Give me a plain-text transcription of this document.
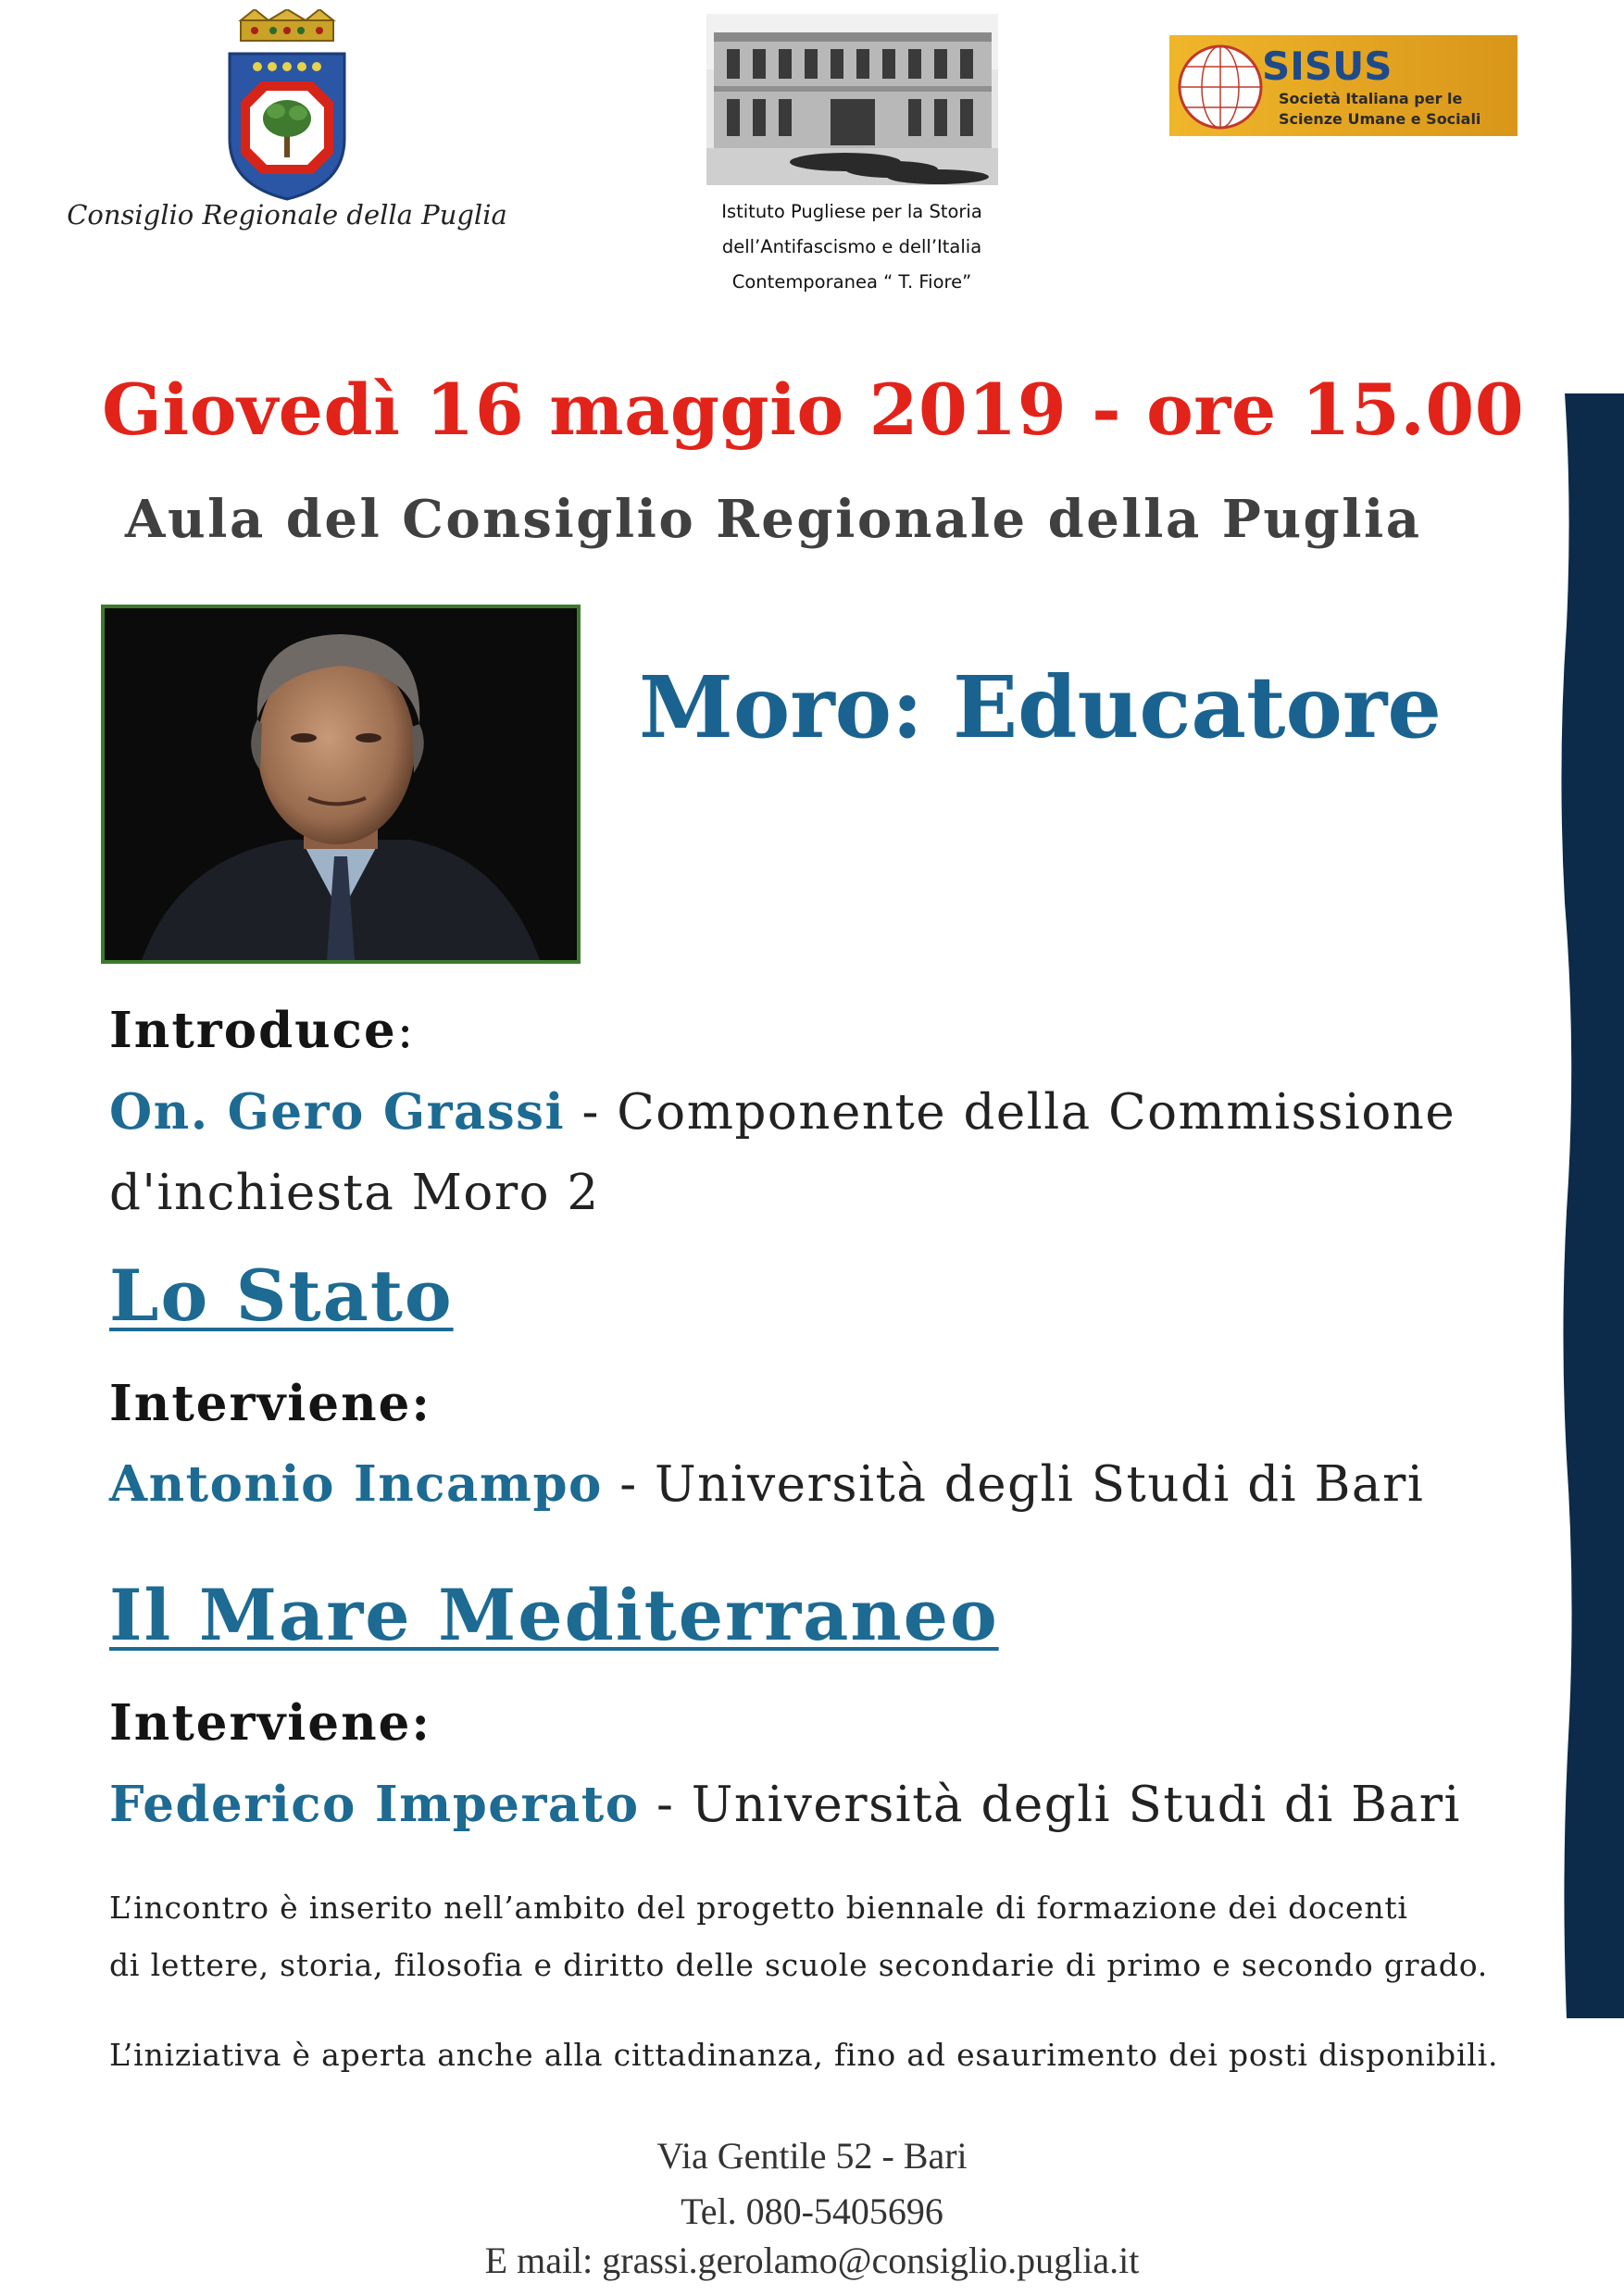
Consiglio Regionale della Puglia	Istituto Pugliese per la Storia
dell’Antifascismo e dell’Italia
Contemporanea “ T. Fiore”
SISUS
Società Italiana per le
Scienze Umane e Sociali
Giovedì 16 maggio 2019 - ore 15.00
Aula del Consiglio Regionale della Puglia
Moro: Educatore
Introduce:
On. Gero Grassi - Componente della Commissione
d'inchiesta Moro 2
Lo Stato
Interviene:
Antonio Incampo - Università degli Studi di Bari
Il Mare Mediterraneo
Interviene:
Federico Imperato - Università degli Studi di Bari
L’incontro è inserito nell’ambito del progetto biennale di formazione dei docenti
di lettere, storia, filosofia e diritto delle scuole secondarie di primo e secondo grado.
L’iniziativa è aperta anche alla cittadinanza, fino ad esaurimento dei posti disponibili.
Via Gentile 52 - Bari
Tel. 080-5405696
E mail: grassi.gerolamo@consiglio.puglia.it
